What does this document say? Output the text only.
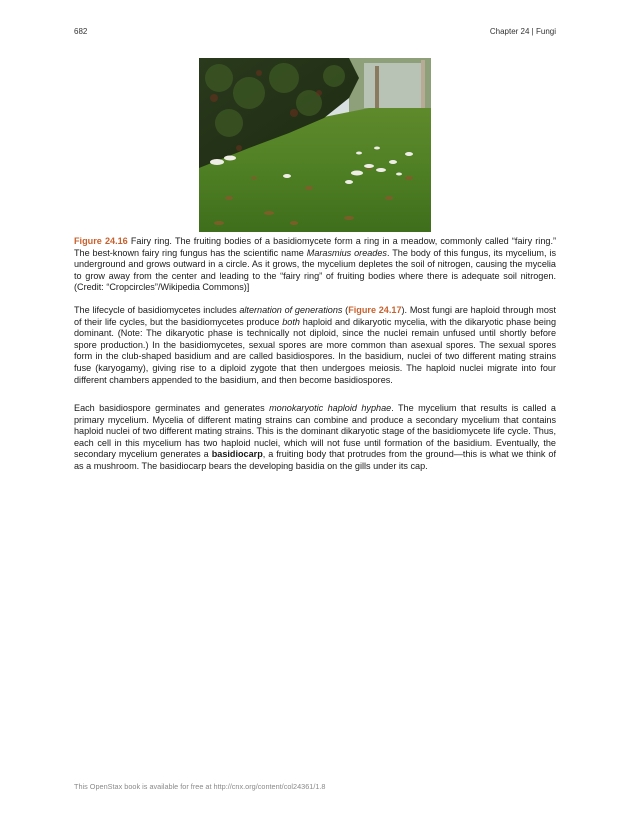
682	Chapter 24 | Fungi
Figure 24.16 Fairy ring. The fruiting bodies of a basidiomycete form a ring in a meadow, commonly called “fairy ring.” The best-known fairy ring fungus has the scientific name Marasmius oreades. The body of this fungus, its mycelium, is underground and grows outward in a circle. As it grows, the mycelium depletes the soil of nitrogen, causing the mycelia to grow away from the center and leading to the “fairy ring” of fruiting bodies where there is adequate soil nitrogen. (Credit: “Cropcircles”/Wikipedia Commons)]

The lifecycle of basidiomycetes includes alternation of generations (Figure 24.17). Most fungi are haploid through most of their life cycles, but the basidiomycetes produce both haploid and dikaryotic mycelia, with the dikaryotic phase being dominant. (Note: The dikaryotic phase is technically not diploid, since the nuclei remain unfused until shortly before spore production.) In the basidiomycetes, sexual spores are more common than asexual spores. The sexual spores form in the club-shaped basidium and are called basidiospores. In the basidium, nuclei of two different mating strains fuse (karyogamy), giving rise to a diploid zygote that then undergoes meiosis. The haploid nuclei migrate into four different chambers appended to the basidium, and then become basidiospores.

Each basidiospore germinates and generates monokaryotic haploid hyphae. The mycelium that results is called a primary mycelium. Mycelia of different mating strains can combine and produce a secondary mycelium that contains haploid nuclei of two different mating strains. This is the dominant dikaryotic stage of the basidiomycete life cycle. Thus, each cell in this mycelium has two haploid nuclei, which will not fuse until formation of the basidium. Eventually, the secondary mycelium generates a basidiocarp, a fruiting body that protrudes from the ground—this is what we think of as a mushroom. The basidiocarp bears the developing basidia on the gills under its cap.

This OpenStax book is available for free at http://cnx.org/content/col24361/1.8
